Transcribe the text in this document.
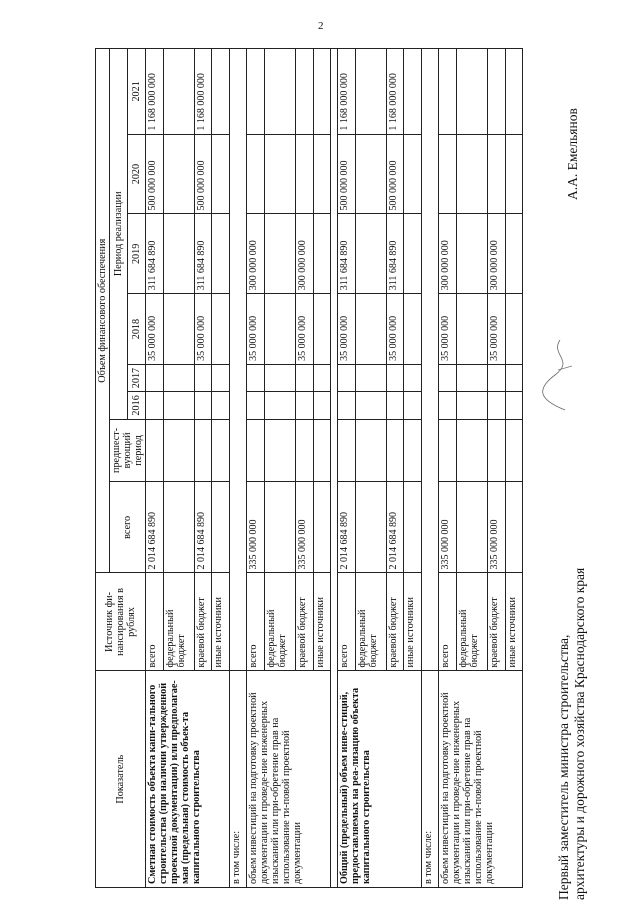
2
Показатель	Источник фи-нансирования в рублях	Объем финансового обеспечения							
		всего	предшест-вующий период	Период реализации					
				2016	2017	2018	2019	2020	2021
Сметная стоимость объекта капи-тального строительства (при наличии утвержденной проектной документации) или предполагае-мая (предельная) стоимость объек-та капитального строительства	всего	2 014 684 890				35 000 000	311 684 890	500 000 000	1 168 000 000
	федеральный бюджет								
	краевой бюджет	2 014 684 890				35 000 000	311 684 890	500 000 000	1 168 000 000
	иные источники								
в том числе:									
объем инвестиций на подготовку проектной документации и проведе-ние инженерных изысканий или при-обретение прав на использование ти-повой проектной документации	всего	335 000 000				35 000 000	300 000 000		
	федеральный бюджет								
	краевой бюджет	335 000 000				35 000 000	300 000 000		
	иные источники								

Общий (предельный) объем инве-стиций, предоставляемых на реа-лизацию объекта капитального строительства	всего	2 014 684 890				35 000 000	311 684 890	500 000 000	1 168 000 000
	федеральный бюджет								
	краевой бюджет	2 014 684 890				35 000 000	311 684 890	500 000 000	1 168 000 000
	иные источники								
в том числе:									
объем инвестиций на подготовку проектной документации и проведе-ние инженерных изысканий или при-обретение прав на использование ти-повой проектной документации	всего	335 000 000				35 000 000	300 000 000		
	федеральный бюджет								
	краевой бюджет	335 000 000				35 000 000	300 000 000		
	иные источники								
Первый заместитель министра строительства, архитектуры и дорожного хозяйства Краснодарского края
А.А. Емельянов
